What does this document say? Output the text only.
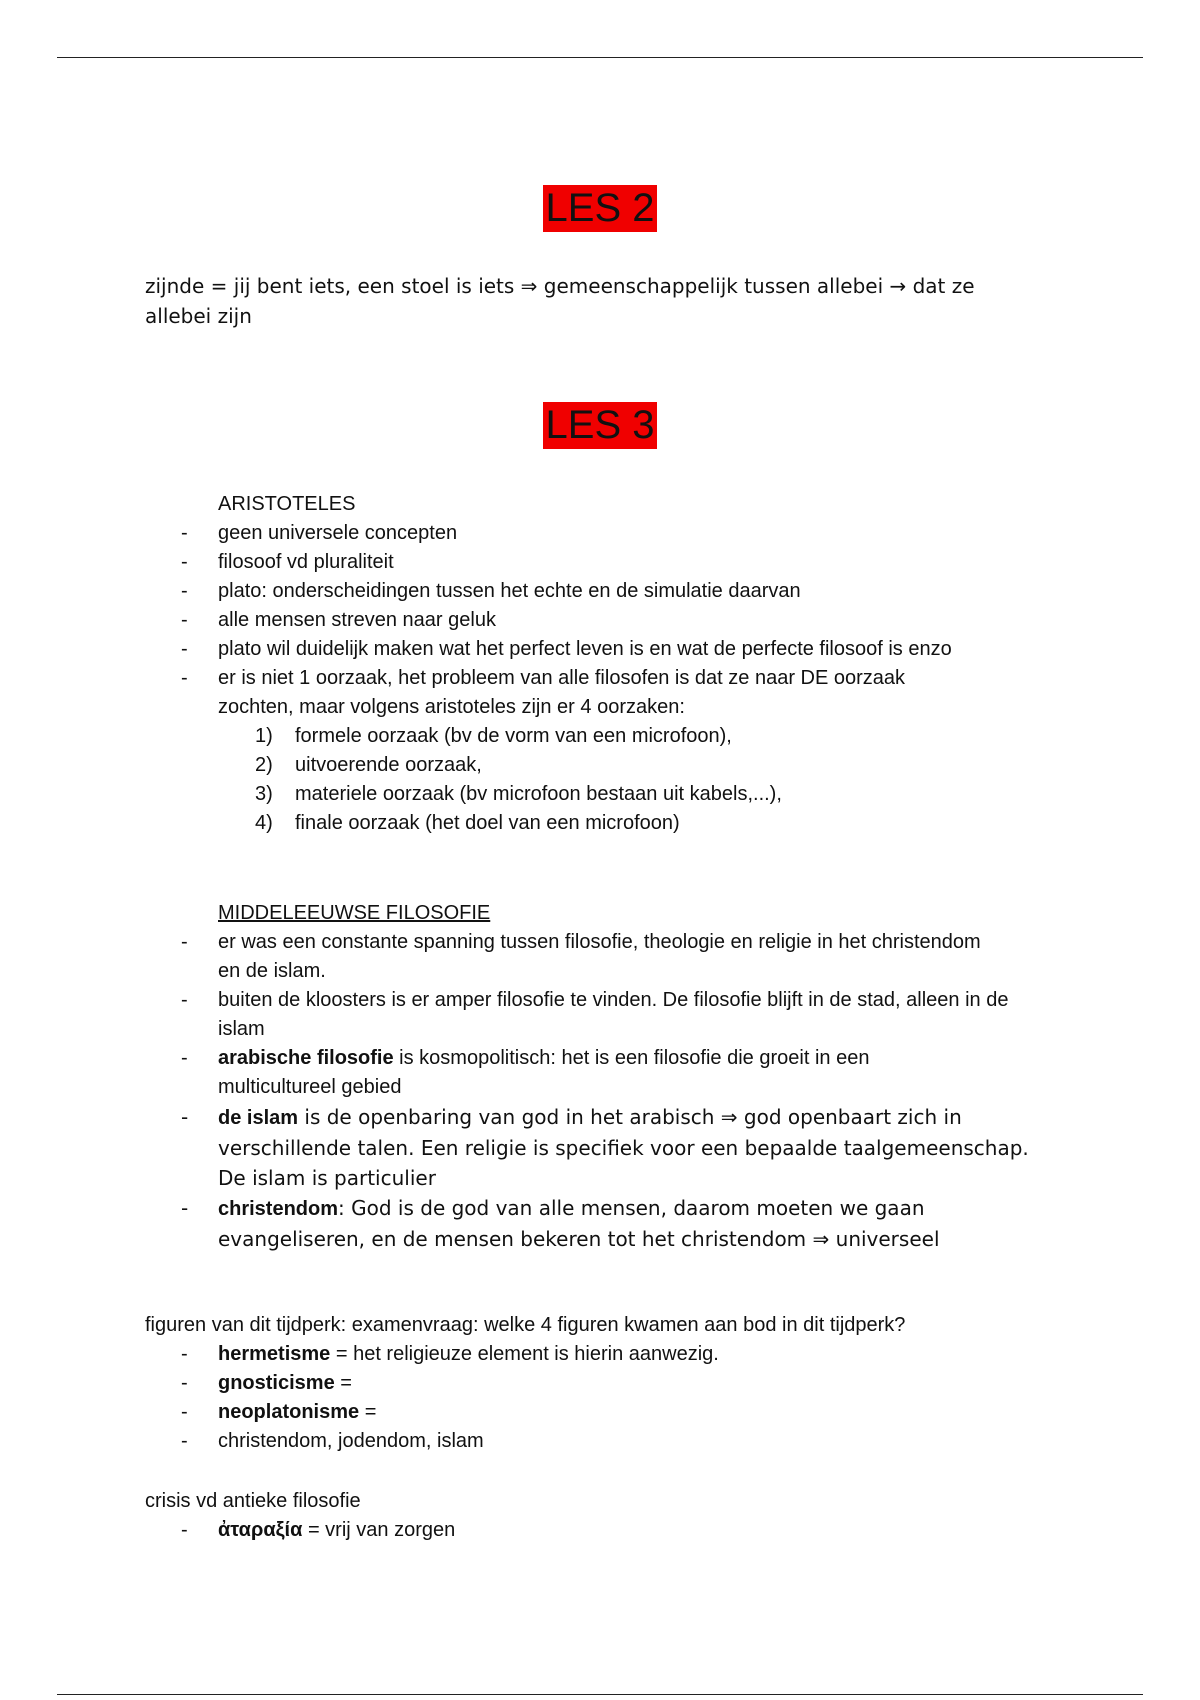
LES 2
zijnde = jij bent iets, een stoel is iets ⇒ gemeenschappelijk tussen allebei → dat ze allebei zijn
LES 3
ARISTOTELES
- geen universele concepten
- filosoof vd pluraliteit
- plato: onderscheidingen tussen het echte en de simulatie daarvan
- alle mensen streven naar geluk
- plato wil duidelijk maken wat het perfect leven is en wat de perfecte filosoof is enzo
- er is niet 1 oorzaak, het probleem van alle filosofen is dat ze naar DE oorzaak zochten, maar volgens aristoteles zijn er 4 oorzaken:
1) formele oorzaak (bv de vorm van een microfoon),
2) uitvoerende oorzaak,
3) materiele oorzaak (bv microfoon bestaan uit kabels,...),
4) finale oorzaak (het doel van een microfoon)
MIDDELEEUWSE FILOSOFIE
- er was een constante spanning tussen filosofie, theologie en religie in het christendom en de islam.
- buiten de kloosters is er amper filosofie te vinden. De filosofie blijft in de stad, alleen in de islam
- arabische filosofie is kosmopolitisch: het is een filosofie die groeit in een multicultureel gebied
- de islam is de openbaring van god in het arabisch ⇒ god openbaart zich in verschillende talen. Een religie is specifiek voor een bepaalde taalgemeenschap. De islam is particulier
- christendom: God is de god van alle mensen, daarom moeten we gaan evangeliseren, en de mensen bekeren tot het christendom ⇒ universeel
figuren van dit tijdperk: examenvraag: welke 4 figuren kwamen aan bod in dit tijdperk?
- hermetisme = het religieuze element is hierin aanwezig.
- gnosticisme =
- neoplatonisme =
- christendom, jodendom, islam
crisis vd antieke filosofie
- ἀταραξία = vrij van zorgen
